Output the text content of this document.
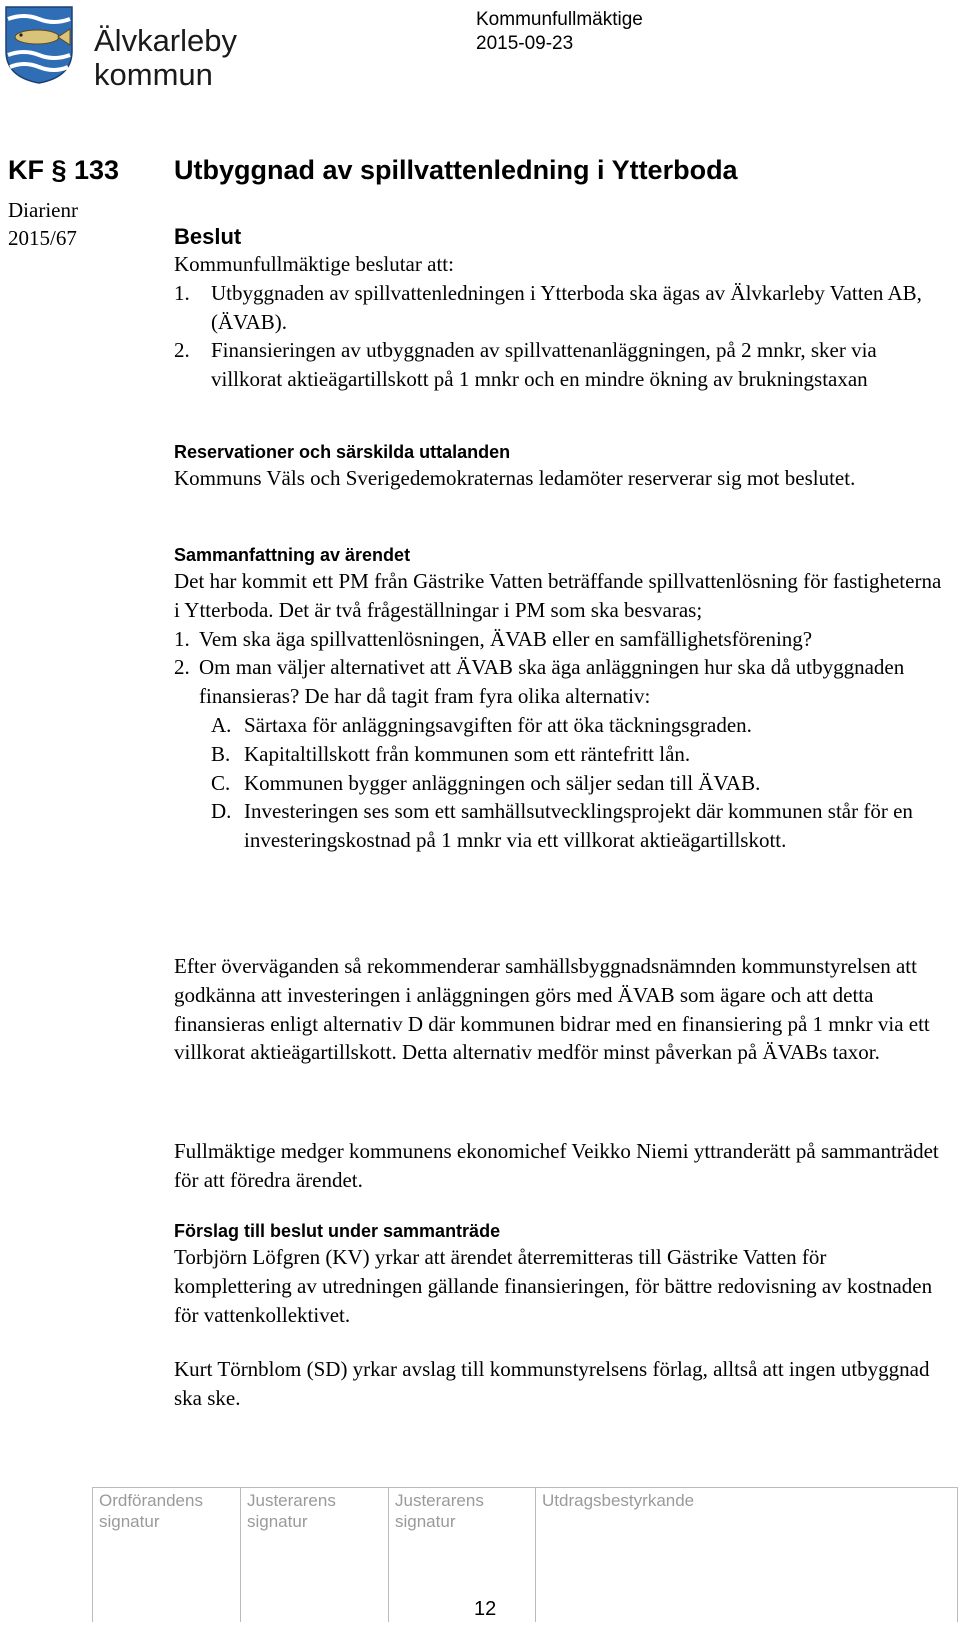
Älvkarleby
kommun
Kommunfullmäktige
2015-09-23
KF § 133
Diarienr
2015/67
Utbyggnad av spillvattenledning i Ytterboda
Beslut

Kommunfullmäktige beslutar att:

1.	Utbyggnaden av spillvattenledningen i Ytterboda ska ägas av Älvkarleby Vatten AB, (ÄVAB).
2.	Finansieringen av utbyggnaden av spillvattenanläggningen, på 2 mnkr, sker via villkorat aktieägartillskott på 1 mnkr och en mindre ökning av brukningstaxan
Reservationer och särskilda uttalanden

Kommuns Väls och Sverigedemokraternas ledamöter reserverar sig mot beslutet.

Sammanfattning av ärendet

Det har kommit ett PM från Gästrike Vatten beträffande spillvattenlösning för fastigheterna i Ytterboda. Det är två frågeställningar i PM som ska besvaras;

1. Vem ska äga spillvattenlösningen, ÄVAB eller en samfällighetsförening?
2. Om man väljer alternativet att ÄVAB ska äga anläggningen hur ska då utbyggnaden finansieras? De har då tagit fram fyra olika alternativ:
A. Särtaxa för anläggningsavgiften för att öka täckningsgraden.
B. Kapitaltillskott från kommunen som ett räntefritt lån.
C. Kommunen bygger anläggningen och säljer sedan till ÄVAB.
D. Investeringen ses som ett samhällsutvecklingsprojekt där kommunen står för en investeringskostnad på 1 mnkr via ett villkorat aktieägartillskott.
Efter överväganden så rekommenderar samhällsbyggnadsnämnden kommunstyrelsen att godkänna att investeringen i anläggningen görs med ÄVAB som ägare och att detta finansieras enligt alternativ D där kommunen bidrar med en finansiering på 1 mnkr via ett villkorat aktieägartillskott. Detta alternativ medför minst påverkan på ÄVABs taxor.
Fullmäktige medger kommunens ekonomichef Veikko Niemi yttranderätt på sammanträdet för att föredra ärendet.
Förslag till beslut under sammanträde

Torbjörn Löfgren (KV) yrkar att ärendet återremitteras till Gästrike Vatten för komplettering av utredningen gällande finansieringen, för bättre redovisning av kostnaden för vattenkollektivet.

Kurt Törnblom (SD) yrkar avslag till kommunstyrelsens förlag, alltså att ingen utbyggnad ska ske.
Ordförandens
signatur
Justerarens
signatur
Justerarens
signatur
Utdragsbestyrkande
12
